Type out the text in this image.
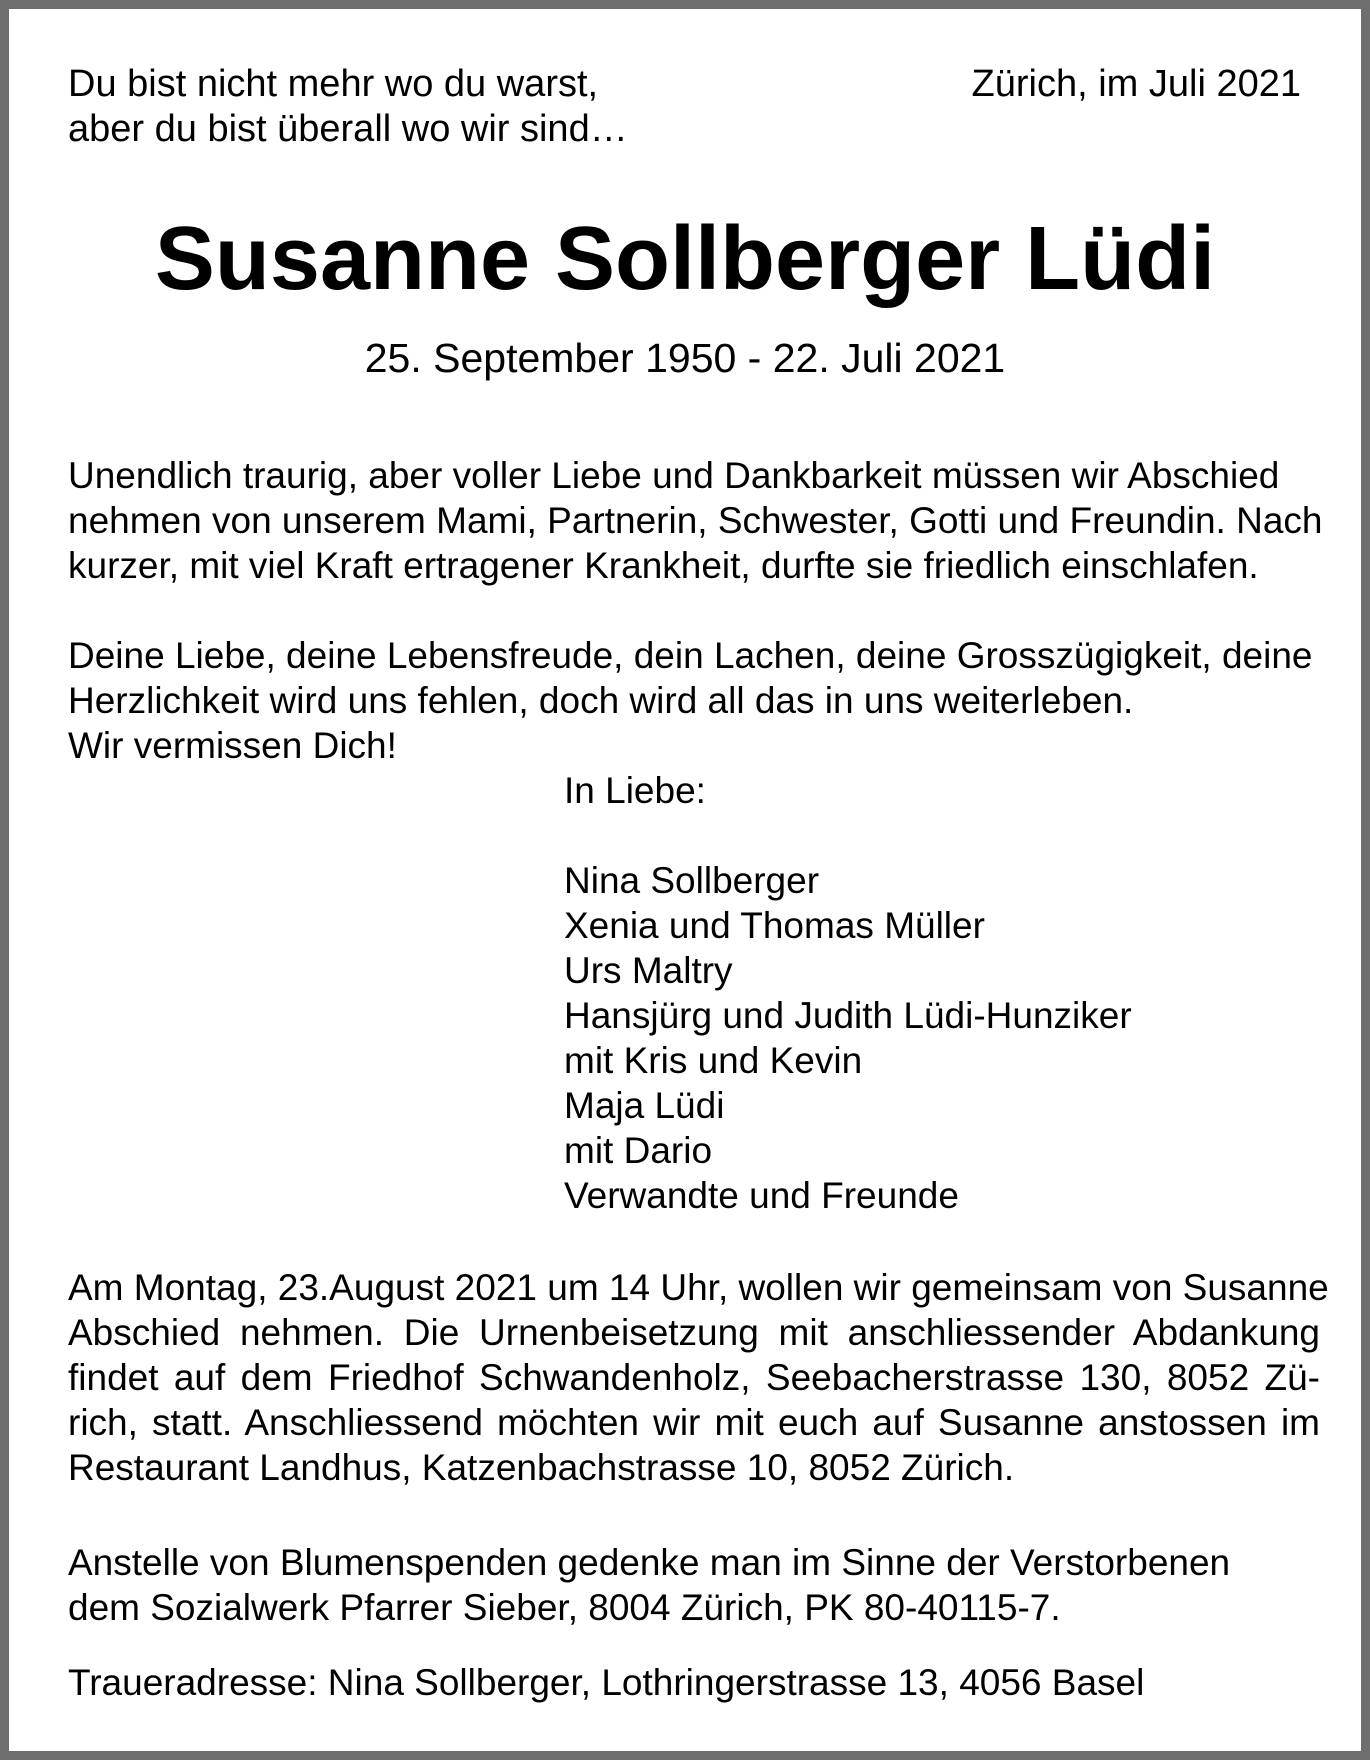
Du bist nicht mehr wo du warst,
aber du bist überall wo wir sind…
Zürich, im Juli 2021
Susanne Sollberger Lüdi
25. September 1950 - 22. Juli 2021
Unendlich traurig, aber voller Liebe und Dankbarkeit müssen wir Abschied
nehmen von unserem Mami, Partnerin, Schwester, Gotti und Freundin. Nach
kurzer, mit viel Kraft ertragener Krankheit, durfte sie friedlich einschlafen.
Deine Liebe, deine Lebensfreude, dein Lachen, deine Grosszügigkeit, deine
Herzlichkeit wird uns fehlen, doch wird all das in uns weiterleben.
Wir vermissen Dich!
In Liebe:

Nina Sollberger
Xenia und Thomas Müller
Urs Maltry
Hansjürg und Judith Lüdi-Hunziker
mit Kris und Kevin
Maja Lüdi
mit Dario
Verwandte und Freunde
Am Montag, 23.August 2021 um 14 Uhr, wollen wir gemeinsam von Susanne
Abschied nehmen. Die Urnenbeisetzung mit anschliessender Abdankung
findet auf dem Friedhof Schwandenholz, Seebacherstrasse 130, 8052 Zü-
rich, statt. Anschliessend möchten wir mit euch auf Susanne anstossen im
Restaurant Landhus, Katzenbachstrasse 10, 8052 Zürich.
Anstelle von Blumenspenden gedenke man im Sinne der Verstorbenen
dem Sozialwerk Pfarrer Sieber, 8004 Zürich, PK 80-40115-7.
Traueradresse: Nina Sollberger, Lothringerstrasse 13, 4056 Basel
